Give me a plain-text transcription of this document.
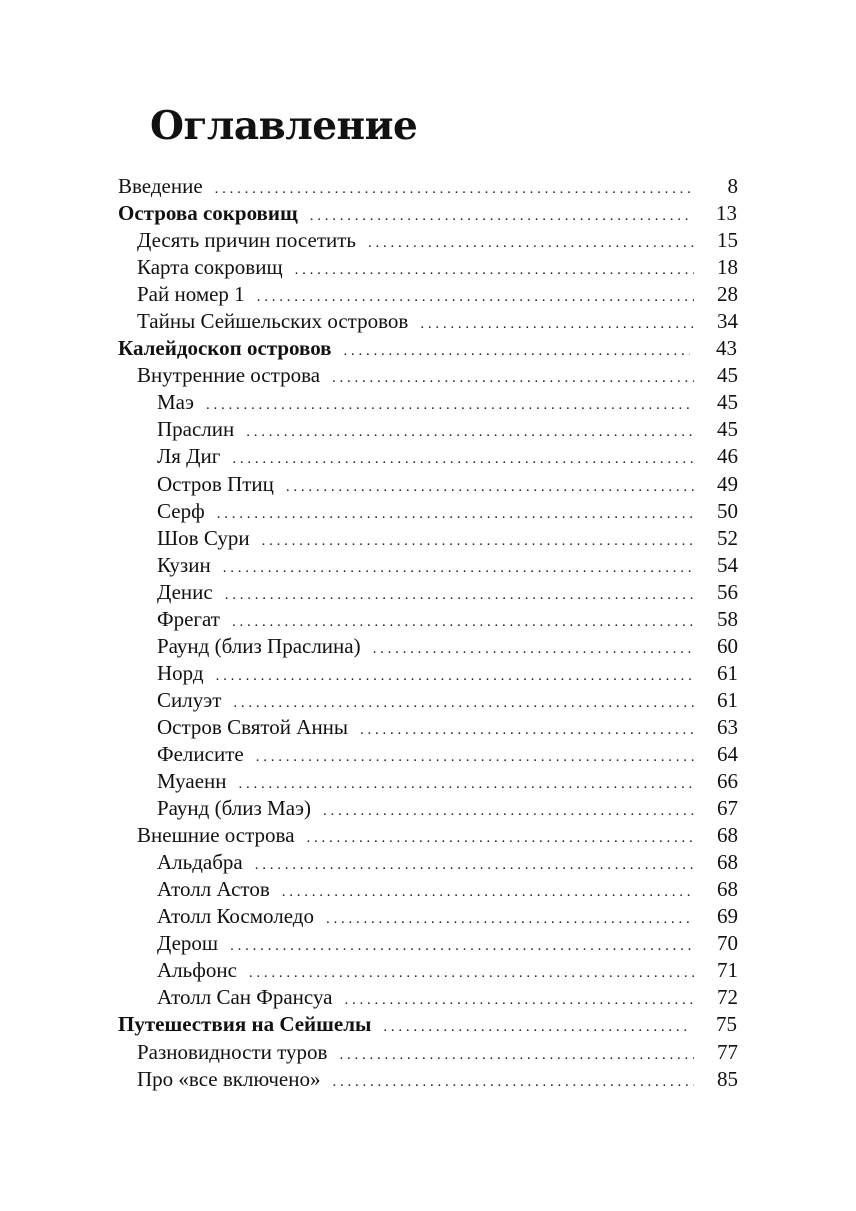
Оглавление
Введение . . .	8
Острова сокровищ . . .	13
Десять причин посетить . . .	15
Карта сокровищ . . .	18
Рай номер 1 . . .	28
Тайны Сейшельских островов . . .	34
Калейдоскоп островов . . .	43
Внутренние острова . . .	45
Маэ . . .	45
Праслин . . .	45
Ля Диг . . .	46
Остров Птиц . . .	49
Серф . . .	50
Шов Сури . . .	52
Кузин . . .	54
Денис . . .	56
Фрегат . . .	58
Раунд (близ Праслина) . . .	60
Норд . . .	61
Силуэт . . .	61
Остров Святой Анны . . .	63
Фелисите . . .	64
Муаенн . . .	66
Раунд (близ Маэ) . . .	67
Внешние острова . . .	68
Альдабра . . .	68
Атолл Астов . . .	68
Атолл Космоледо . . .	69
Дерош . . .	70
Альфонс . . .	71
Атолл Сан Франсуа . . .	72
Путешествия на Сейшелы . . .	75
Разновидности туров . . .	77
Про «все включено» . . .	85
